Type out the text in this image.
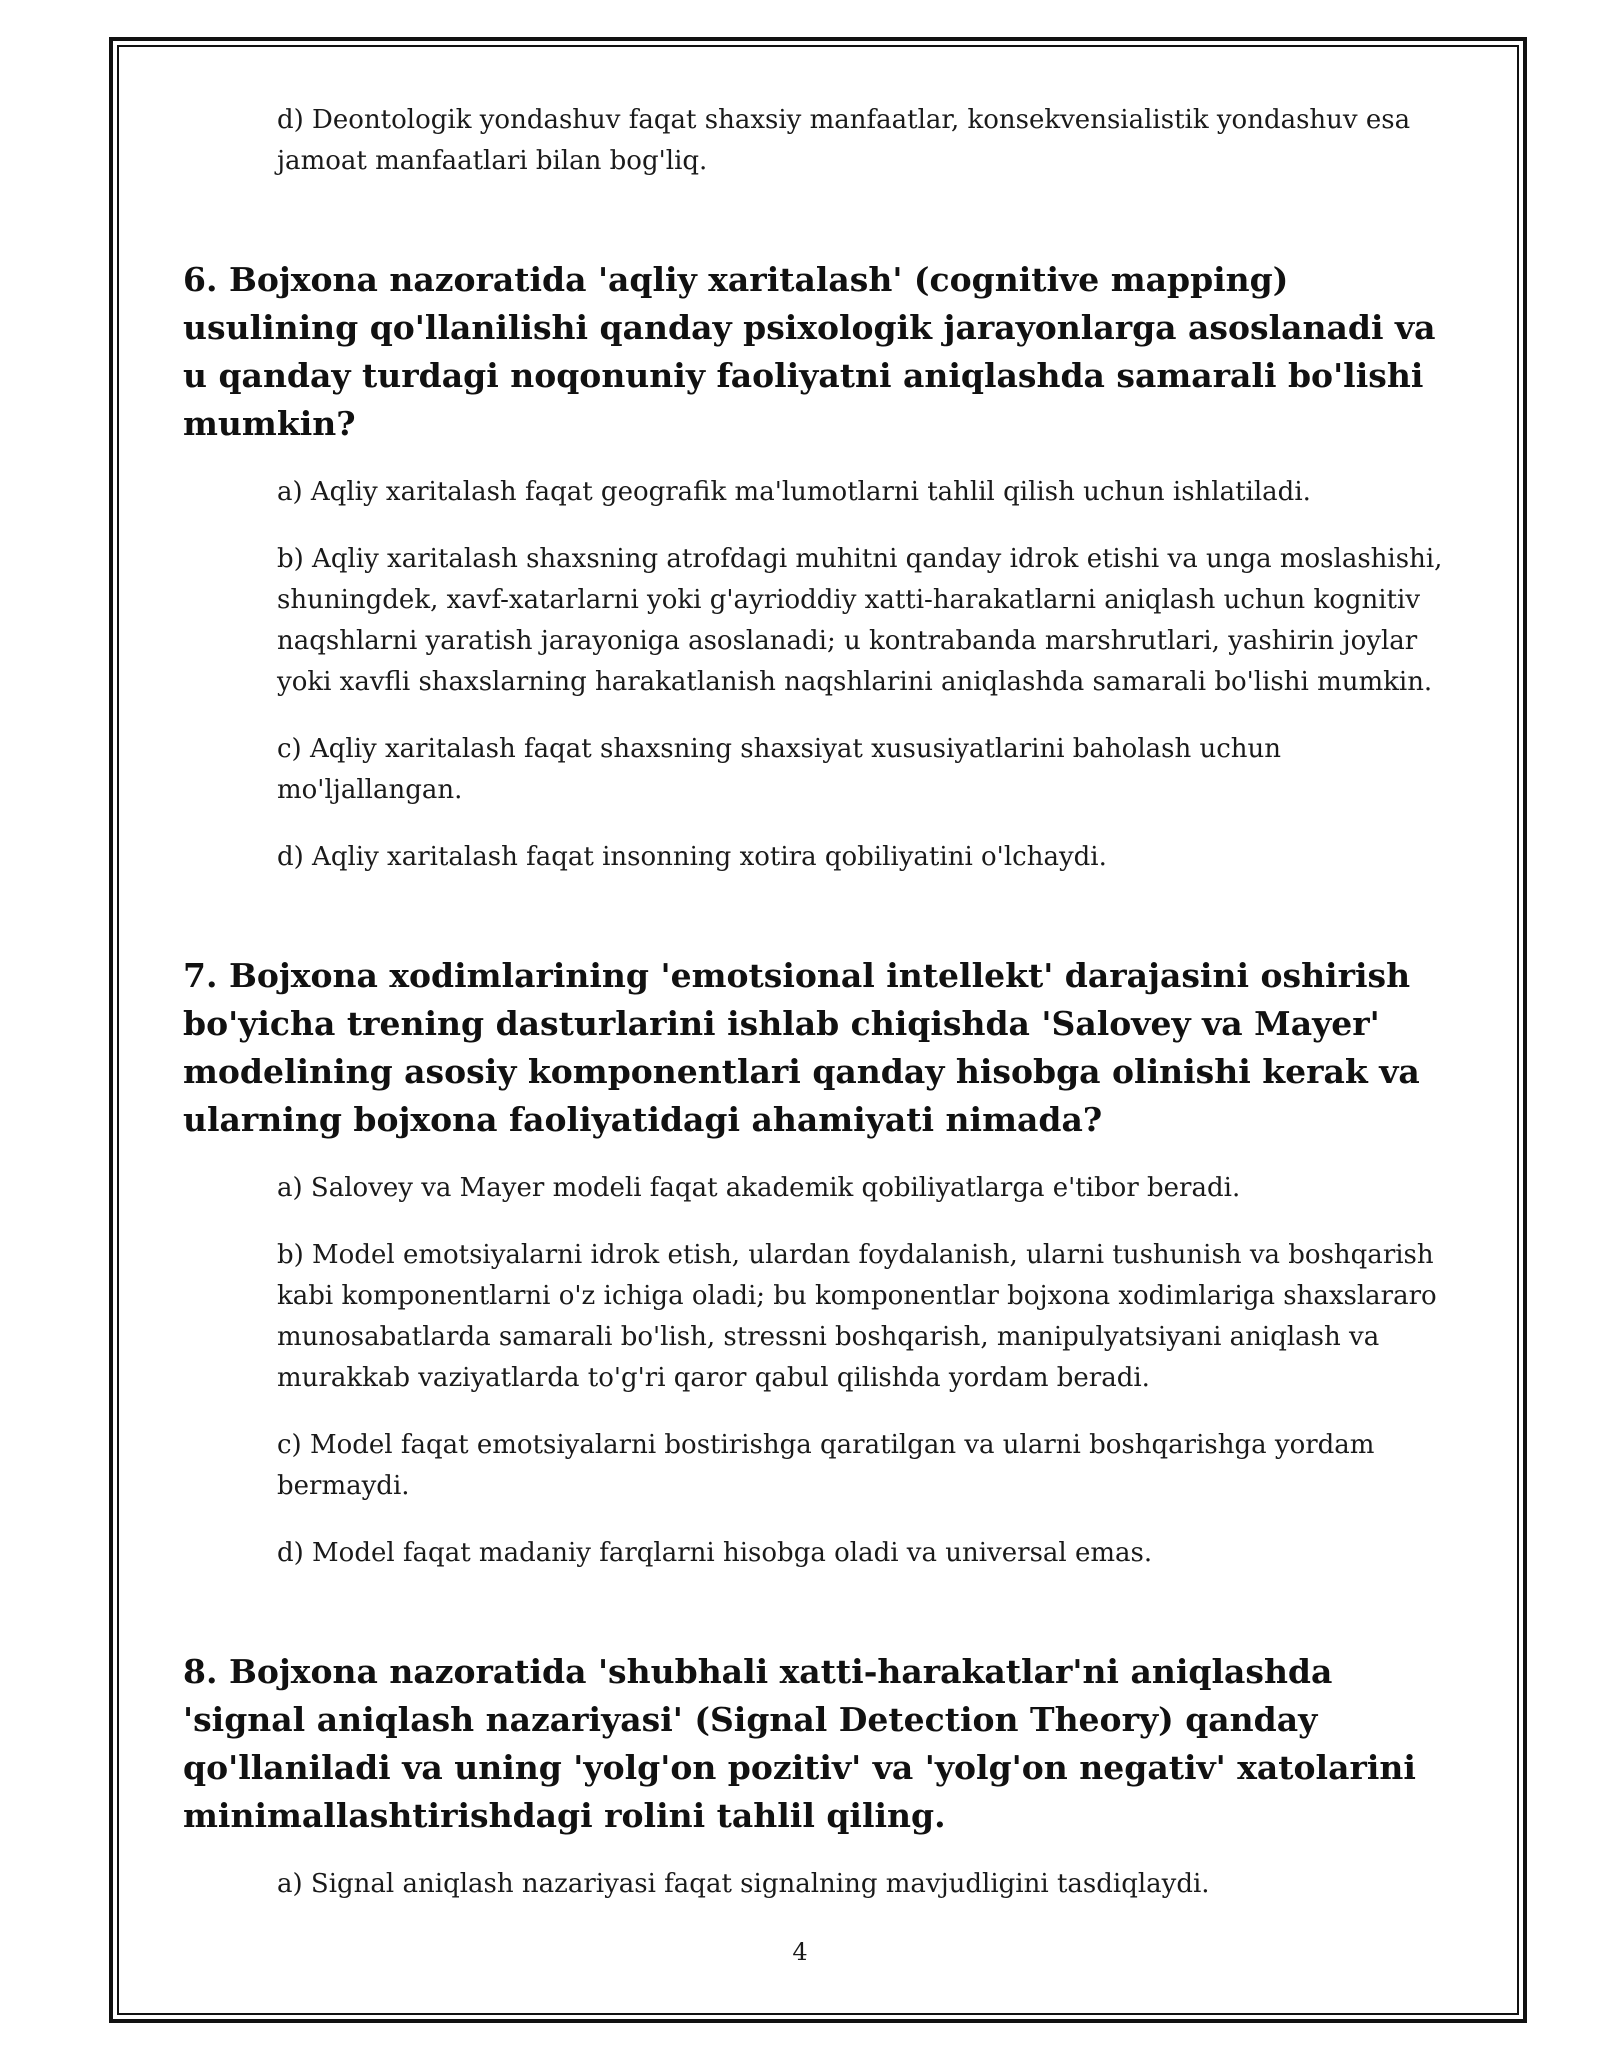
d) Deontologik yondashuv faqat shaxsiy manfaatlar, konsekvensialistik yondashuv esa jamoat manfaatlari bilan bog'liq.
6. Bojxona nazoratida 'aqliy xaritalash' (cognitive mapping) usulining qo'llanilishi qanday psixologik jarayonlarga asoslanadi va u qanday turdagi noqonuniy faoliyatni aniqlashda samarali bo'lishi mumkin?
a) Aqliy xaritalash faqat geografik ma'lumotlarni tahlil qilish uchun ishlatiladi.
b) Aqliy xaritalash shaxsning atrofdagi muhitni qanday idrok etishi va unga moslashishi, shuningdek, xavf-xatarlarni yoki g'ayrioddiy xatti-harakatlarni aniqlash uchun kognitiv naqshlarni yaratish jarayoniga asoslanadi; u kontrabanda marshrutlari, yashirin joylar yoki xavfli shaxslarning harakatlanish naqshlarini aniqlashda samarali bo'lishi mumkin.
c) Aqliy xaritalash faqat shaxsning shaxsiyat xususiyatlarini baholash uchun mo'ljallangan.
d) Aqliy xaritalash faqat insonning xotira qobiliyatini o'lchaydi.
7. Bojxona xodimlarining 'emotsional intellekt' darajasini oshirish bo'yicha trening dasturlarini ishlab chiqishda 'Salovey va Mayer' modelining asosiy komponentlari qanday hisobga olinishi kerak va ularning bojxona faoliyatidagi ahamiyati nimada?
a) Salovey va Mayer modeli faqat akademik qobiliyatlarga e'tibor beradi.
b) Model emotsiyalarni idrok etish, ulardan foydalanish, ularni tushunish va boshqarish kabi komponentlarni o'z ichiga oladi; bu komponentlar bojxona xodimlariga shaxslararo munosabatlarda samarali bo'lish, stressni boshqarish, manipulyatsiyani aniqlash va murakkab vaziyatlarda to'g'ri qaror qabul qilishda yordam beradi.
c) Model faqat emotsiyalarni bostirishga qaratilgan va ularni boshqarishga yordam bermaydi.
d) Model faqat madaniy farqlarni hisobga oladi va universal emas.
8. Bojxona nazoratida 'shubhali xatti-harakatlar'ni aniqlashda 'signal aniqlash nazariyasi' (Signal Detection Theory) qanday qo'llaniladi va uning 'yolg'on pozitiv' va 'yolg'on negativ' xatolarini minimallashtirishdagi rolini tahlil qiling.
a) Signal aniqlash nazariyasi faqat signalning mavjudligini tasdiqlaydi.
4
